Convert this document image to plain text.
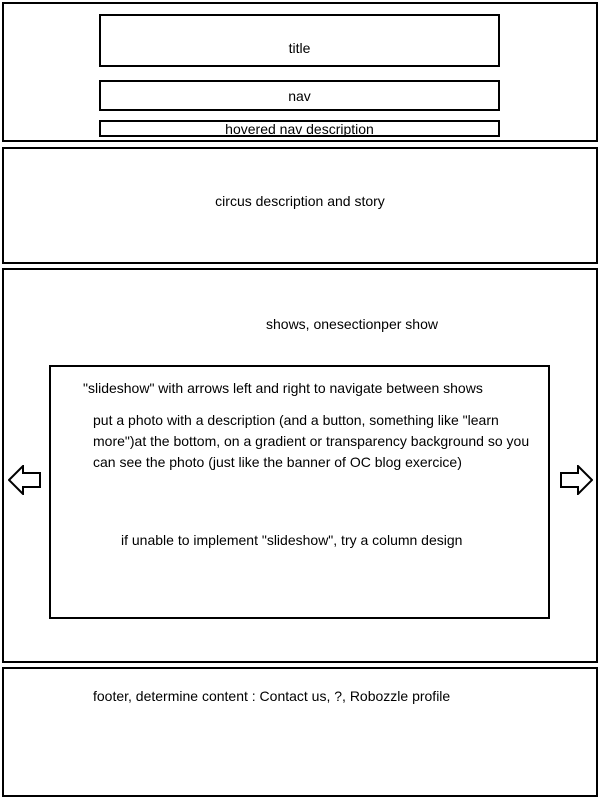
title
nav
hovered nav description
circus description and story
shows, onesectionper show
"slideshow" with arrows left and right to navigate between shows
put a photo with a description (and a button, something like "learn more")at the bottom, on a gradient or transparency background so you can see the photo (just like the banner of OC blog exercice)
if unable to implement "slideshow", try a column design
footer, determine content : Contact us, ?, Robozzle profile
